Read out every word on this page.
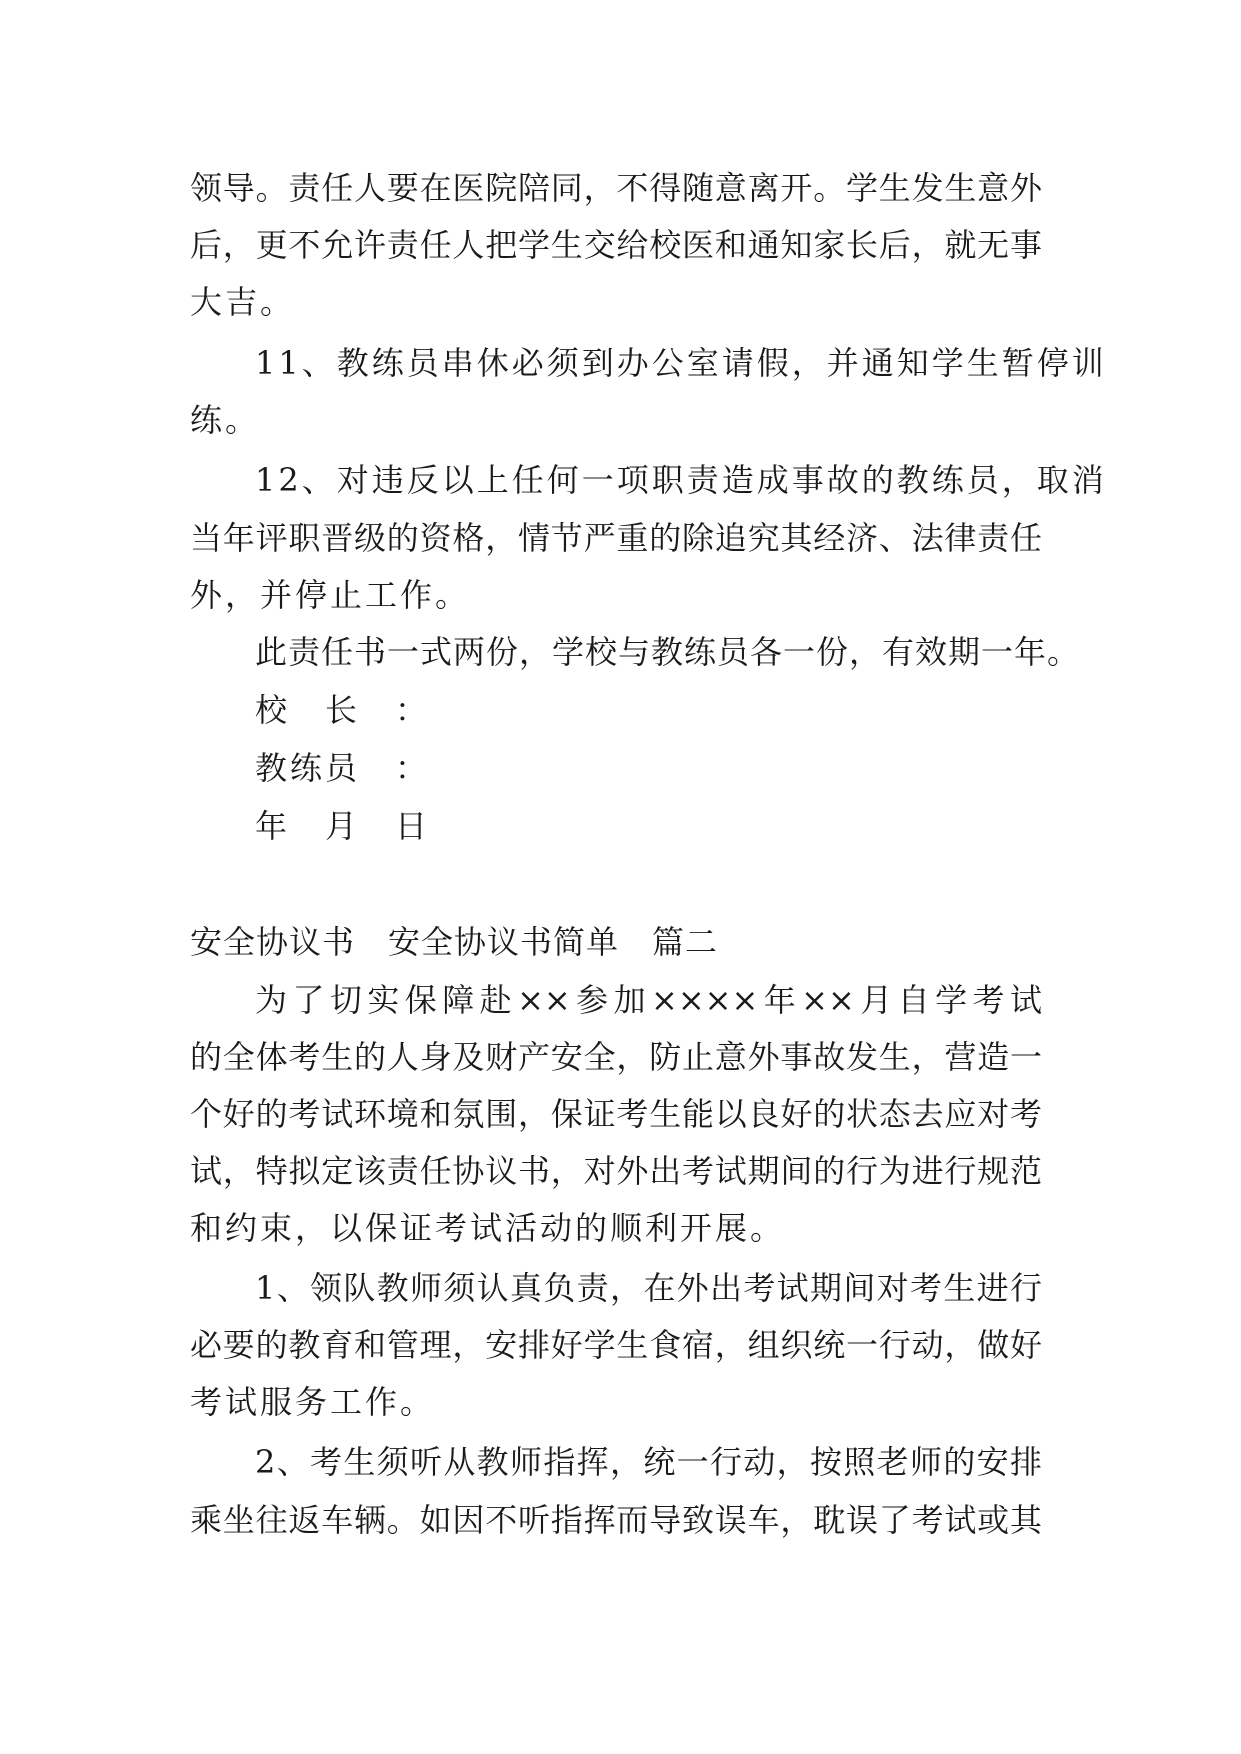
领导。责任人要在医院陪同，不得随意离开。学生发生意外
后，更不允许责任人把学生交给校医和通知家长后，就无事
大吉。
11、教练员串休必须到办公室请假，并通知学生暂停训
练。
12、对违反以上任何一项职责造成事故的教练员，取消
当年评职晋级的资格，情节严重的除追究其经济、法律责任
外，并停止工作。
此责任书一式两份，学校与教练员各一份，有效期一年。
校　长　：
教练员　：
年　月　日
安全协议书　安全协议书简单　篇二
为了切实保障赴××参加××××年××月自学考试
的全体考生的人身及财产安全，防止意外事故发生，营造一
个好的考试环境和氛围，保证考生能以良好的状态去应对考
试，特拟定该责任协议书，对外出考试期间的行为进行规范
和约束，以保证考试活动的顺利开展。
1、领队教师须认真负责，在外出考试期间对考生进行
必要的教育和管理，安排好学生食宿，组织统一行动，做好
考试服务工作。
2、考生须听从教师指挥，统一行动，按照老师的安排
乘坐往返车辆。如因不听指挥而导致误车，耽误了考试或其
